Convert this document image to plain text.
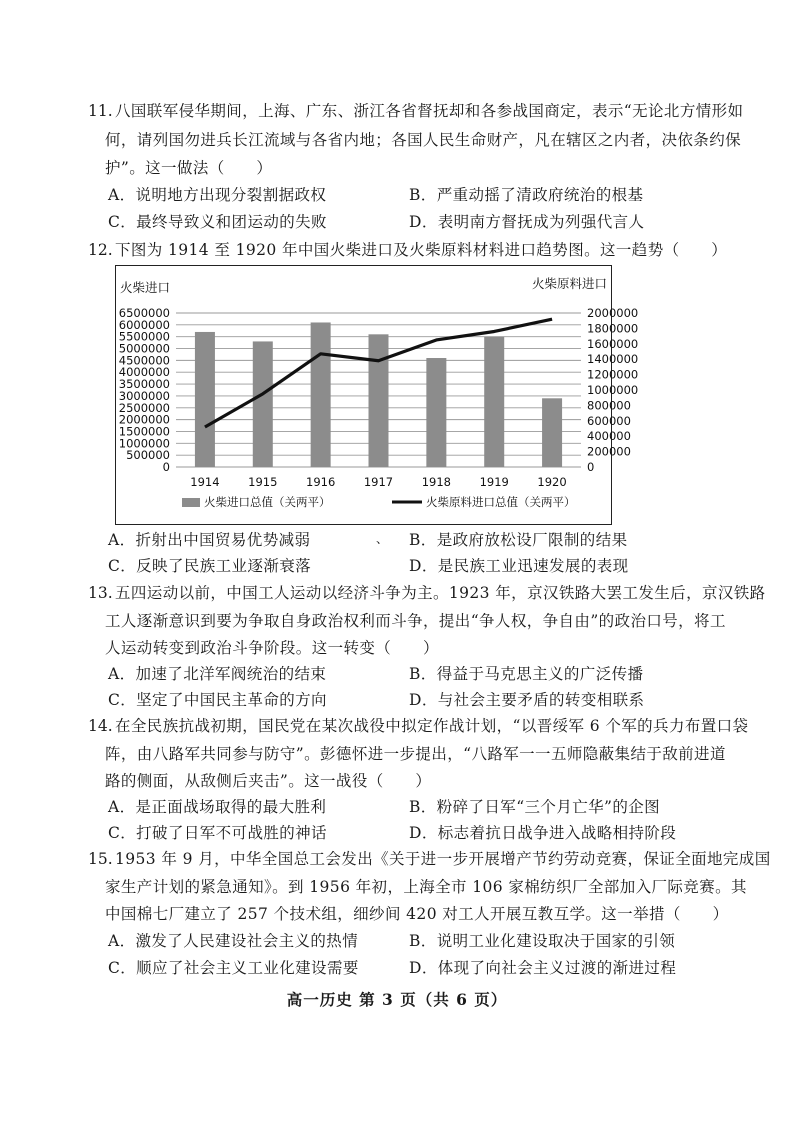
11. 八国联军侵华期间，上海、广东、浙江各省督抚却和各参战国商定，表示“无论北方情形如
何，请列国勿进兵长江流域与各省内地；各国人民生命财产，凡在辖区之内者，决依条约保
护”。这一做法（　　）
A．说明地方出现分裂割据政权	B．严重动摇了清政府统治的根基
C．最终导致义和团运动的失败	D．表明南方督抚成为列强代言人
12. 下图为 1914 至 1920 年中国火柴进口及火柴原料材料进口趋势图。这一趋势（　　）
火柴进口	火柴原料进口
6500000
6000000
5500000
5000000
4500000
4000000
3500000
3000000
2500000
2000000
1500000
1000000
500000
0
2000000
1800000
1600000
1400000
1200000
1000000
800000
600000
400000
200000
0
1914 1915 1916 1917 1918 1919 1920
火柴进口总值（关两平）	火柴原料进口总值（关两平）
、
A．折射出中国贸易优势减弱	B．是政府放松设厂限制的结果
C．反映了民族工业逐渐衰落	D．是民族工业迅速发展的表现
13. 五四运动以前，中国工人运动以经济斗争为主。1923 年，京汉铁路大罢工发生后，京汉铁路
工人逐渐意识到要为争取自身政治权利而斗争，提出“争人权，争自由”的政治口号，将工
人运动转变到政治斗争阶段。这一转变（　　）
A．加速了北洋军阀统治的结束	B．得益于马克思主义的广泛传播
C．坚定了中国民主革命的方向	D．与社会主要矛盾的转变相联系
14. 在全民族抗战初期，国民党在某次战役中拟定作战计划，“以晋绥军 6 个军的兵力布置口袋
阵，由八路军共同参与防守”。彭德怀进一步提出，“八路军一一五师隐蔽集结于敌前进道
路的侧面，从敌侧后夹击”。这一战役（　　）
A．是正面战场取得的最大胜利	B．粉碎了日军“三个月亡华”的企图
C．打破了日军不可战胜的神话	D．标志着抗日战争进入战略相持阶段
15. 1953 年 9 月，中华全国总工会发出《关于进一步开展增产节约劳动竞赛，保证全面地完成国
家生产计划的紧急通知》。到 1956 年初，上海全市 106 家棉纺织厂全部加入厂际竞赛。其
中国棉七厂建立了 257 个技术组，细纱间 420 对工人开展互教互学。这一举措（　　）
A．激发了人民建设社会主义的热情	B．说明工业化建设取决于国家的引领
C．顺应了社会主义工业化建设需要	D．体现了向社会主义过渡的渐进过程
高一历史 第 3 页（共 6 页）
